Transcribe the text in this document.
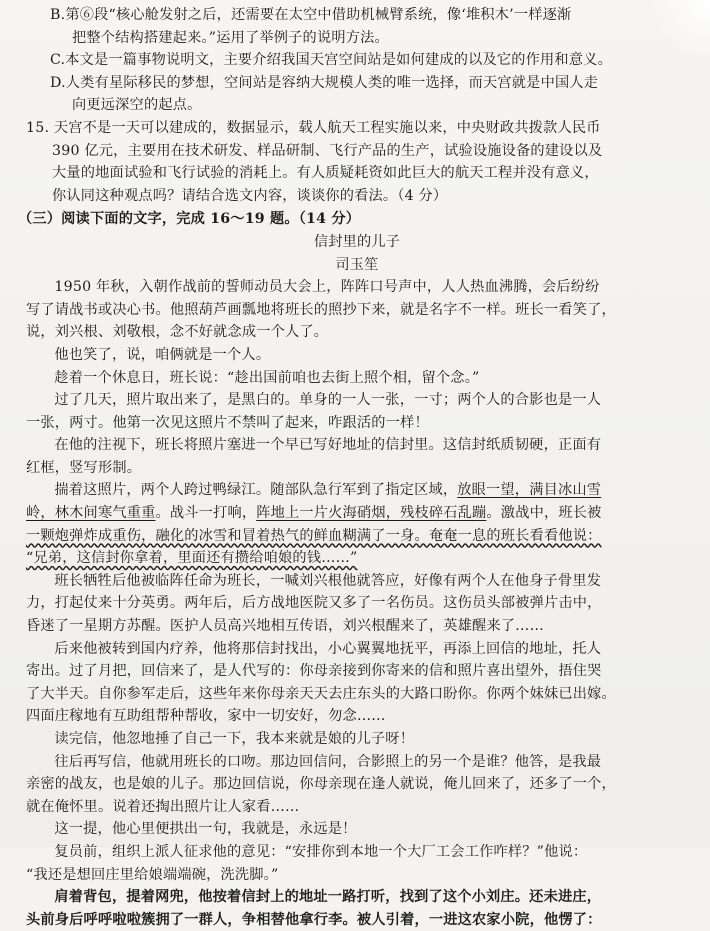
B.第⑥段“核心舱发射之后，还需要在太空中借助机械臂系统，像‘堆积木’一样逐渐

把整个结构搭建起来。”运用了举例子的说明方法。

C.本文是一篇事物说明文，主要介绍我国天宫空间站是如何建成的以及它的作用和意义。

D.人类有星际移民的梦想，空间站是容纳大规模人类的唯一选择，而天宫就是中国人走

向更远深空的起点。

15. 天宫不是一天可以建成的，数据显示，载人航天工程实施以来，中央财政共拨款人民币

390 亿元，主要用在技术研发、样品研制、飞行产品的生产，试验设施设备的建设以及

大量的地面试验和飞行试验的消耗上。有人质疑耗资如此巨大的航天工程并没有意义，

你认同这种观点吗？请结合选文内容，谈谈你的看法。（4 分）

（三）阅读下面的文字，完成 16～19 题。（14 分）

信封里的儿子

司玉笙

1950 年秋，入朝作战前的誓师动员大会上，阵阵口号声中，人人热血沸腾，会后纷纷

写了请战书或决心书。他照葫芦画瓢地将班长的照抄下来，就是名字不一样。班长一看笑了，

说，刘兴根、刘敬根，念不好就念成一个人了。

他也笑了，说，咱俩就是一个人。

趁着一个休息日，班长说：“趁出国前咱也去街上照个相，留个念。”

过了几天，照片取出来了，是黑白的。单身的一人一张，一寸；两个人的合影也是一人

一张，两寸。他第一次见这照片不禁叫了起来，咋跟活的一样！

在他的注视下，班长将照片塞进一个早已写好地址的信封里。这信封纸质韧硬，正面有

红框，竖写形制。

揣着这照片，两个人跨过鸭绿江。随部队急行军到了指定区域，放眼一望，满目冰山雪

岭，林木间寒气重重。战斗一打响，阵地上一片火海硝烟，残枝碎石乱蹦。激战中，班长被

一颗炮弹炸成重伤，融化的冰雪和冒着热气的鲜血糊满了一身。奄奄一息的班长看看他说：

“兄弟，这信封你拿着，里面还有攒给咱娘的钱……”

班长牺牲后他被临阵任命为班长，一喊刘兴根他就答应，好像有两个人在他身子骨里发

力，打起仗来十分英勇。两年后，后方战地医院又多了一名伤员。这伤员头部被弹片击中，

昏迷了一星期方苏醒。医护人员高兴地相互传语，刘兴根醒来了，英雄醒来了……

后来他被转到国内疗养，他将那信封找出，小心翼翼地抚平，再添上回信的地址，托人

寄出。过了月把，回信来了，是人代写的：你母亲接到你寄来的信和照片喜出望外，捂住哭

了大半天。自你参军走后，这些年来你母亲天天去庄东头的大路口盼你。你两个妹妹已出嫁。

四面庄稼地有互助组帮种帮收，家中一切安好，勿念……

读完信，他忽地捶了自己一下，我本来就是娘的儿子呀！

往后再写信，他就用班长的口吻。那边回信问，合影照上的另一个是谁？他答，是我最

亲密的战友，也是娘的儿子。那边回信说，你母亲现在逢人就说，俺儿回来了，还多了一个，

就在俺怀里。说着还掏出照片让人家看……

这一提，他心里便拱出一句，我就是，永远是！

复员前，组织上派人征求他的意见：“安排你到本地一个大厂工会工作咋样？”他说：

“我还是想回庄里给娘端端碗，洗洗脚。”

肩着背包，提着网兜，他按着信封上的地址一路打听，找到了这个小刘庄。还未进庄，

头前身后呼呼啦啦簇拥了一群人，争相替他拿行李。被人引着，一进这农家小院，他愣了：
